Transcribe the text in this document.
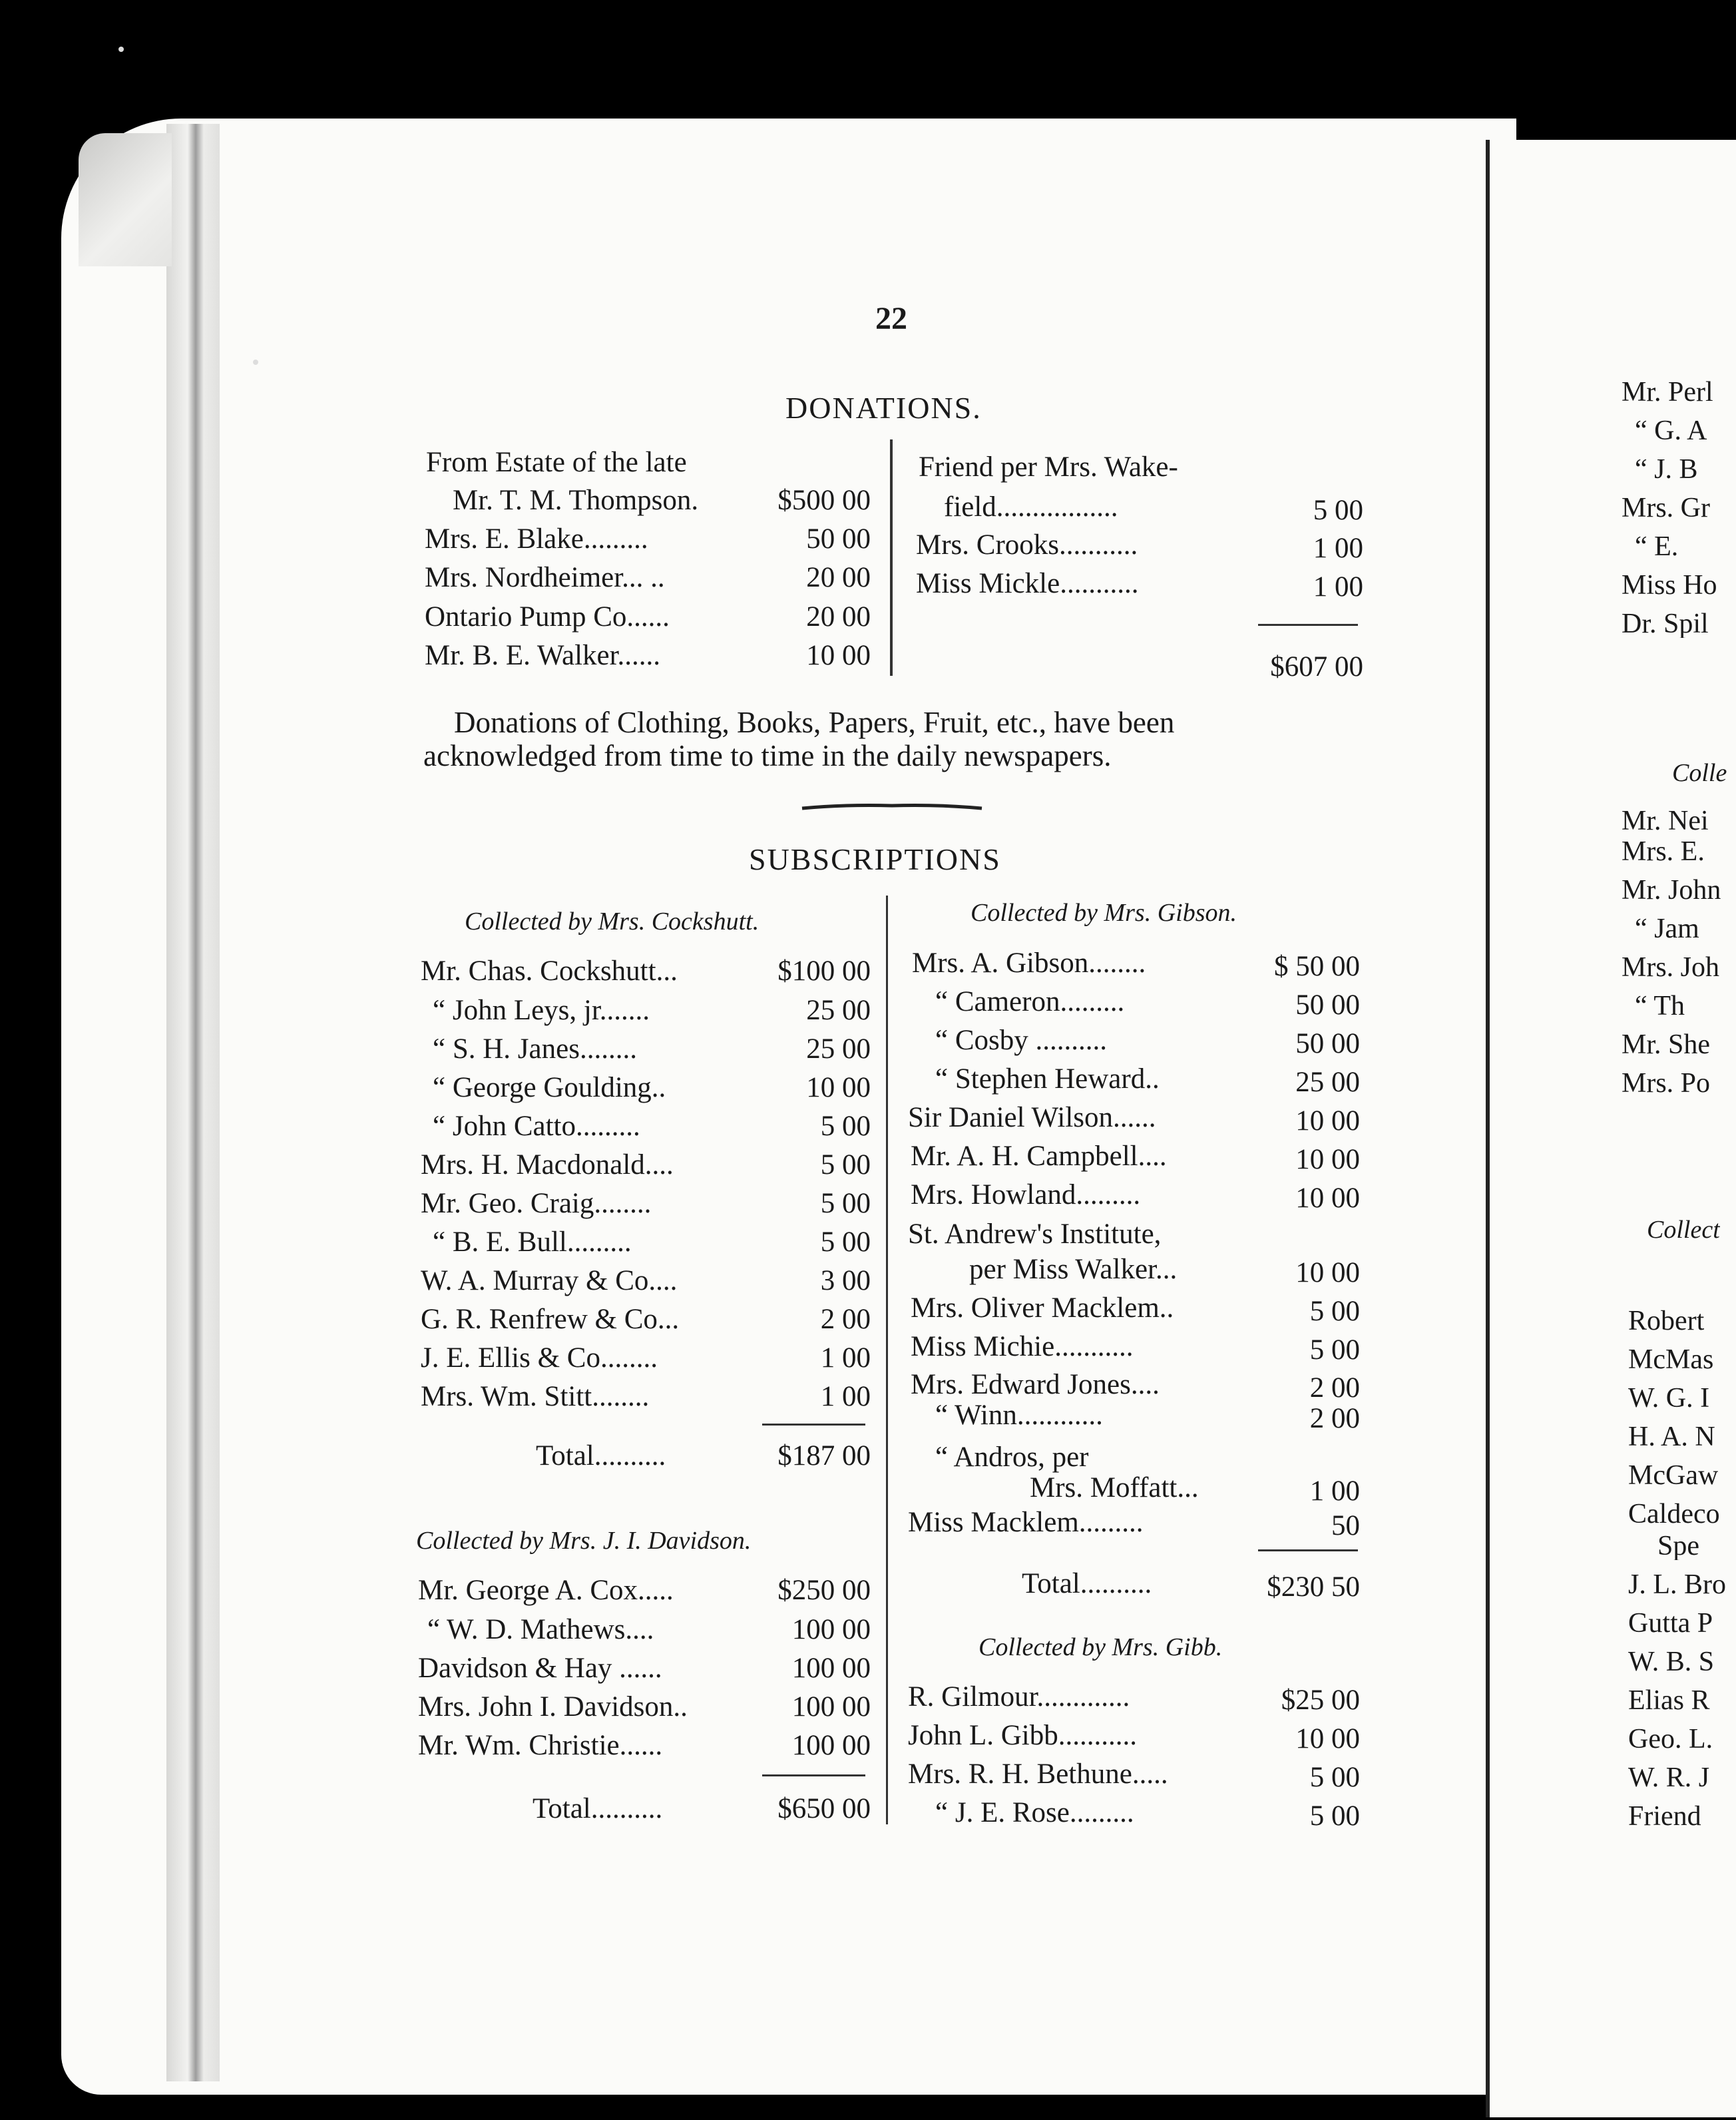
22
DONATIONS.
From Estate of the late
Mr. T. M. Thompson.	$500 00
Mrs. E. Blake.........	50 00
Mrs. Nordheimer... ..	20 00
Ontario Pump Co......	20 00
Mr. B. E. Walker......	10 00
Friend per Mrs. Wake-
field.................	5 00
Mrs. Crooks...........	1 00
Miss Mickle...........	1 00
$607 00
Donations of Clothing, Books, Papers, Fruit, etc., have been
acknowledged from time to time in the daily newspapers.
SUBSCRIPTIONS
Collected by Mrs. Cockshutt.
Mr. Chas. Cockshutt...	$100 00
“ John Leys, jr.......	25 00
“ S. H. Janes........	25 00
“ George Goulding..	10 00
“ John Catto.........	5 00
Mrs. H. Macdonald....	5 00
Mr. Geo. Craig........	5 00
“ B. E. Bull.........	5 00
W. A. Murray & Co....	3 00
G. R. Renfrew & Co...	2 00
J. E. Ellis & Co........	1 00
Mrs. Wm. Stitt........	1 00
Total..........	$187 00
Collected by Mrs. J. I. Davidson.
Mr. George A. Cox.....	$250 00
“ W. D. Mathews....	100 00
Davidson & Hay ......	100 00
Mrs. John I. Davidson..	100 00
Mr. Wm. Christie......	100 00
Total..........	$650 00
Collected by Mrs. Gibson.
Mrs. A. Gibson........	$ 50 00
“ Cameron.........	50 00
“ Cosby ..........	50 00
“ Stephen Heward..	25 00
Sir Daniel Wilson......	10 00
Mr. A. H. Campbell....	10 00
Mrs. Howland.........	10 00
St. Andrew's Institute,
per Miss Walker...	10 00
Mrs. Oliver Macklem..	5 00
Miss Michie...........	5 00
Mrs. Edward Jones....	2 00
“ Winn............	2 00
“ Andros, per
Mrs. Moffatt...	1 00
Miss Macklem.........	50
Total..........	$230 50
Collected by Mrs. Gibb.
R. Gilmour.............	$25 00
John L. Gibb...........	10 00
Mrs. R. H. Bethune.....	5 00
“ J. E. Rose.........	5 00
Mr. Perl
“ G. A
“ J. B
Mrs. Gr
“ E.
Miss Ho
Dr. Spil
Colle
Mr. Nei
Mrs. E.
Mr. John
“ Jam
Mrs. Joh
“ Th
Mr. She
Mrs. Po
Collect
Robert
McMas
W. G. I
H. A. N
McGaw
Caldeco
Spe
J. L. Bro
Gutta P
W. B. S
Elias R
Geo. L.
W. R. J
Friend
